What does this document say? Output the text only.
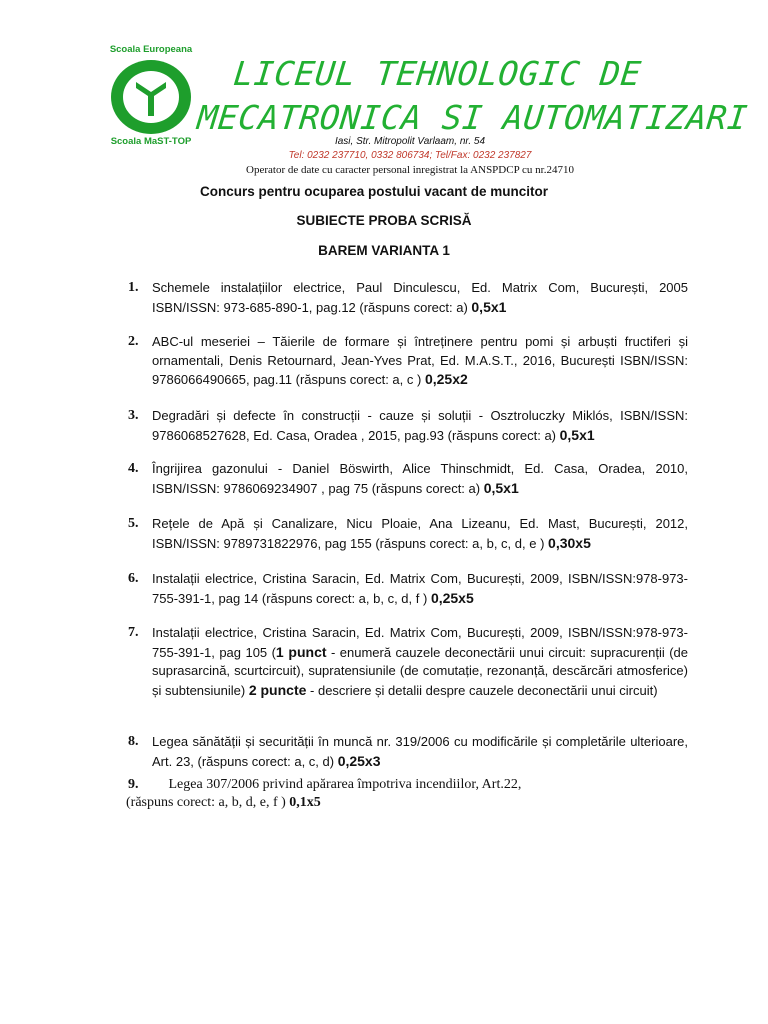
Scoala Europeana
Scoala MaST-TOP
LICEUL TEHNOLOGIC DE
MECATRONICA SI AUTOMATIZARI
Iasi, Str. Mitropolit Varlaam, nr. 54
Tel: 0232 237710, 0332 806734; Tel/Fax: 0232 237827
Operator de date cu caracter personal inregistrat la ANSPDCP cu nr.24710
Concurs pentru ocuparea postului vacant de muncitor
SUBIECTE PROBA SCRISĂ
BAREM VARIANTA 1
1. Schemele instalațiilor electrice, Paul Dinculescu, Ed. Matrix Com, București, 2005 ISBN/ISSN: 973-685-890-1, pag.12 (răspuns corect: a) 0,5x1
2. ABC-ul meseriei – Tăierile de formare și întreținere pentru pomi și arbuști fructiferi și ornamentali, Denis Retournard, Jean-Yves Prat, Ed. M.A.S.T., 2016, București ISBN/ISSN: 9786066490665, pag.11 (răspuns corect: a, c ) 0,25x2
3. Degradări și defecte în construcții - cauze și soluții - Osztroluczky Miklós, ISBN/ISSN: 9786068527628, Ed. Casa, Oradea , 2015, pag.93 (răspuns corect: a) 0,5x1
4. Îngrijirea gazonului - Daniel Böswirth, Alice Thinschmidt, Ed. Casa, Oradea, 2010, ISBN/ISSN: 9786069234907 , pag 75 (răspuns corect: a) 0,5x1
5. Rețele de Apă și Canalizare, Nicu Ploaie, Ana Lizeanu, Ed. Mast, București, 2012, ISBN/ISSN: 9789731822976, pag 155 (răspuns corect: a, b, c, d, e ) 0,30x5
6. Instalații electrice, Cristina Saracin, Ed. Matrix Com, București, 2009, ISBN/ISSN:978-973-755-391-1, pag 14 (răspuns corect: a, b, c, d, f ) 0,25x5
7. Instalații electrice, Cristina Saracin, Ed. Matrix Com, București, 2009, ISBN/ISSN:978-973-755-391-1, pag 105 (1 punct - enumeră cauzele deconectării unui circuit: supracurenții (de suprasarcină, scurtcircuit), supratensiunile (de comutație, rezonanță, descărcări atmosferice) și subtensiunile) 2 puncte - descriere și detalii despre cauzele deconectării unui circuit)
8. Legea sănătății și securității în muncă nr. 319/2006 cu modificările și completările ulterioare, Art. 23, (răspuns corect: a, c, d) 0,25x3
9. Legea 307/2006 privind apărarea împotriva incendiilor, Art.22,
(răspuns corect: a, b, d, e, f ) 0,1x5
